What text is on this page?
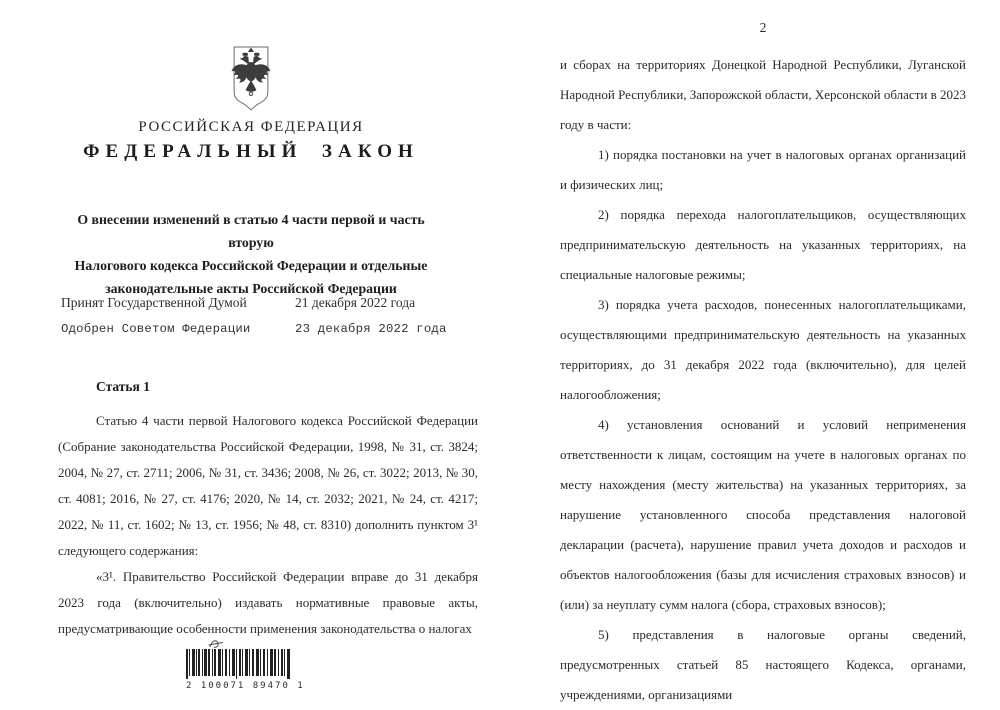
РОССИЙСКАЯ ФЕДЕРАЦИЯ
ФЕДЕРАЛЬНЫЙ ЗАКОН
О внесении изменений в статью 4 части первой и часть вторую
Налогового кодекса Российской Федерации и отдельные
законодательные акты Российской Федерации
Принят Государственной Думой	21 декабря 2022 года
Одобрен Советом Федерации	23 декабря 2022 года
Статья 1

Статью 4 части первой Налогового кодекса Российской Федерации (Собрание законодательства Российской Федерации, 1998, № 31, ст. 3824; 2004, № 27, ст. 2711; 2006, № 31, ст. 3436; 2008, № 26, ст. 3022; 2013, № 30, ст. 4081; 2016, № 27, ст. 4176; 2020, № 14, ст. 2032; 2021, № 24, ст. 4217; 2022, № 11, ст. 1602; № 13, ст. 1956; № 48, ст. 8310) дополнить пунктом 3¹ следующего содержания:

«3¹. Правительство Российской Федерации вправе до 31 декабря 2023 года (включительно) издавать нормативные правовые акты, предусматривающие особенности применения законодательства о налогах

2 100071 89470 1
2

и сборах на территориях Донецкой Народной Республики, Луганской Народной Республики, Запорожской области, Херсонской области в 2023 году в части:

1) порядка постановки на учет в налоговых органах организаций и физических лиц;

2) порядка перехода налогоплательщиков, осуществляющих предпринимательскую деятельность на указанных территориях, на специальные налоговые режимы;

3) порядка учета расходов, понесенных налогоплательщиками, осуществляющими предпринимательскую деятельность на указанных территориях, до 31 декабря 2022 года (включительно), для целей налогообложения;

4) установления оснований и условий неприменения ответственности к лицам, состоящим на учете в налоговых органах по месту нахождения (месту жительства) на указанных территориях, за нарушение установленного способа представления налоговой декларации (расчета), нарушение правил учета доходов и расходов и объектов налогообложения (базы для исчисления страховых взносов) и (или) за неуплату сумм налога (сбора, страховых взносов);

5) представления в налоговые органы сведений, предусмотренных статьей 85 настоящего Кодекса, органами, учреждениями, организациями
